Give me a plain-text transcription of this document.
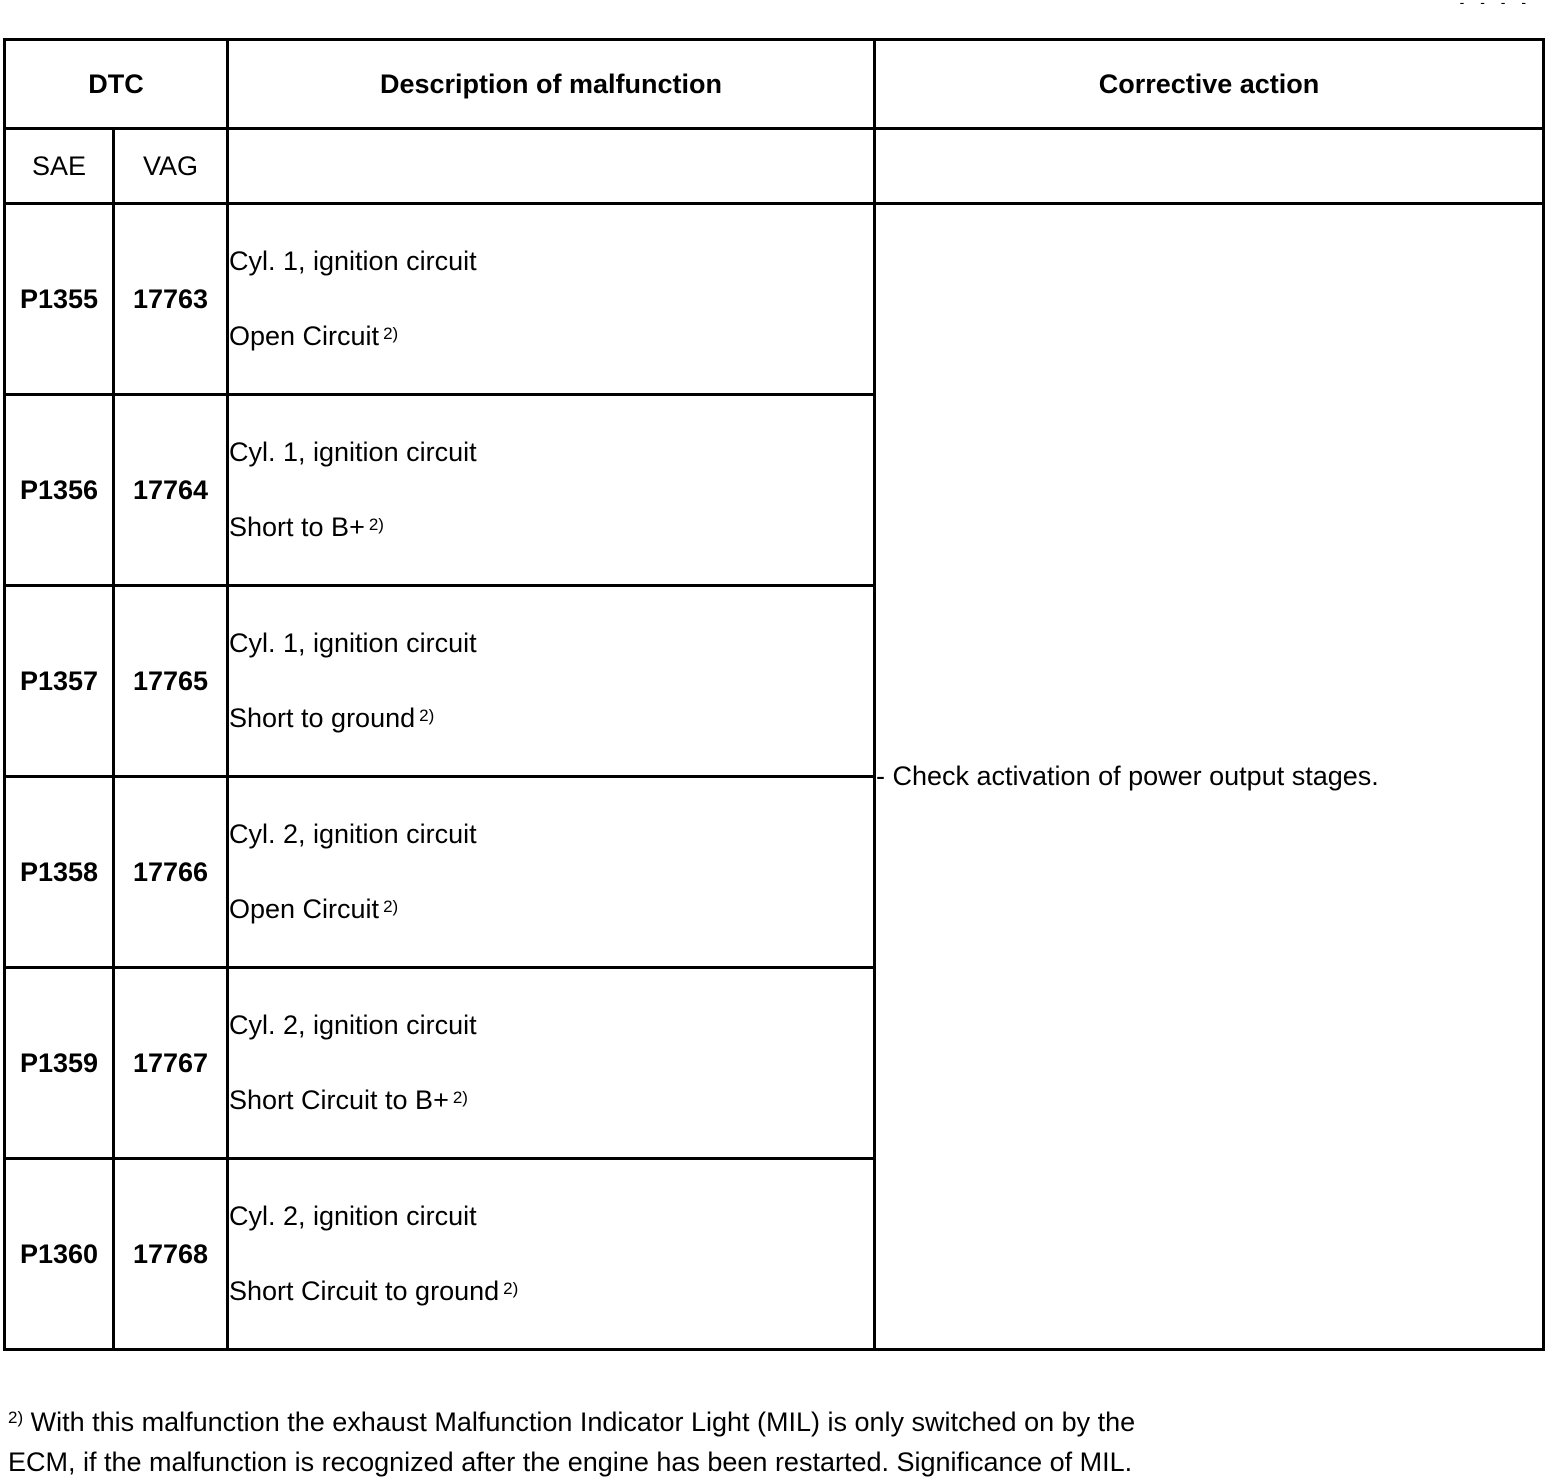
- - - -
DTC		Description of malfunction	Corrective action
SAE	VAG		
P1355	17763	Cyl. 1, ignition circuit
Open Circuit $^{2)}$	- Check activation of power output stages.
P1356	17764	Cyl. 1, ignition circuit
Short to B+ $^{2)}$

P1357	17765	Cyl. 1, ignition circuit
Short to ground $^{2)}$

P1358	17766	Cyl. 2, ignition circuit
Open Circuit $^{2)}$

P1359	17767	Cyl. 2, ignition circuit
Short Circuit to B+ $^{2)}$

P1360	17768	Cyl. 2, ignition circuit
Short Circuit to ground $^{2)}$
$^{2)}$ With this malfunction the exhaust Malfunction Indicator Light (MIL) is only switched on by the
ECM, if the malfunction is recognized after the engine has been restarted. Significance of MIL.
